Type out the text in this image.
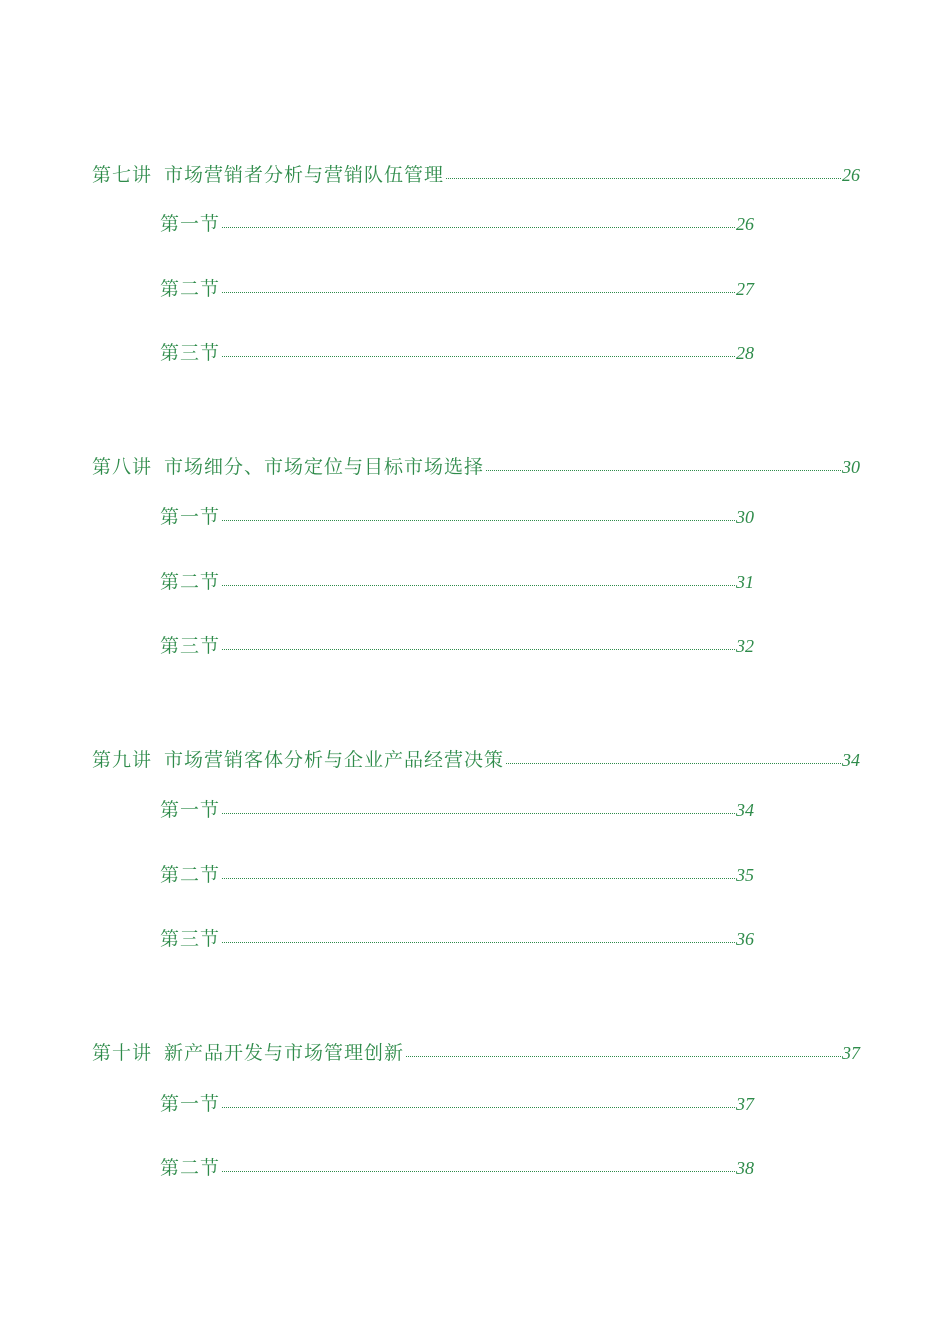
第七讲 市场营销者分析与营销队伍管理	26
第一节	26
第二节	27
第三节	28
第八讲 市场细分、市场定位与目标市场选择	30
第一节	30
第二节	31
第三节	32
第九讲 市场营销客体分析与企业产品经营决策	34
第一节	34
第二节	35
第三节	36
第十讲 新产品开发与市场管理创新	37
第一节	37
第二节	38
